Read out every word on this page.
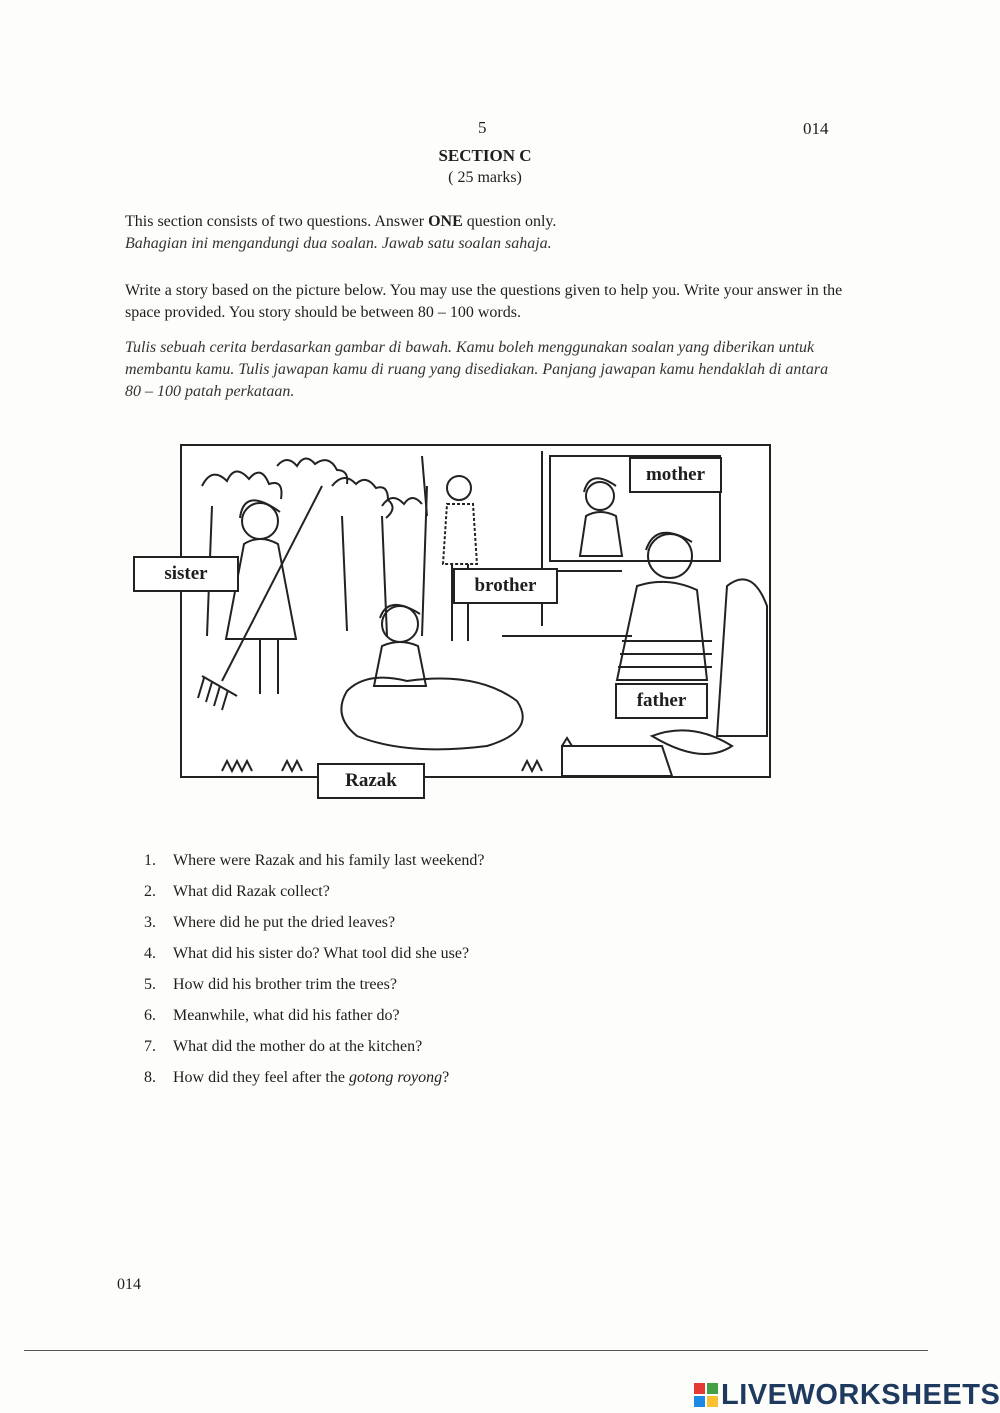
5	014
SECTION C
( 25 marks)
This section consists of two questions. Answer ONE question only.
Bahagian ini mengandungi dua soalan. Jawab satu soalan sahaja.
Write a story based on the picture below. You may use the questions given to help you. Write your answer in the space provided. You story should be between 80 – 100 words.
Tulis sebuah cerita berdasarkan gambar di bawah. Kamu boleh menggunakan soalan yang diberikan untuk membantu kamu. Tulis jawapan kamu di ruang yang disediakan. Panjang jawapan kamu hendaklah di antara 80 – 100 patah perkataan.
sister
brother
mother
father
Razak
1. Where were Razak and his family last weekend?
2. What did Razak collect?
3. Where did he put the dried leaves?
4. What did his sister do? What tool did she use?
5. How did his brother trim the trees?
6. Meanwhile, what did his father do?
7. What did the mother do at the kitchen?
8. How did they feel after the gotong royong?
014
LIVEWORKSHEETS
